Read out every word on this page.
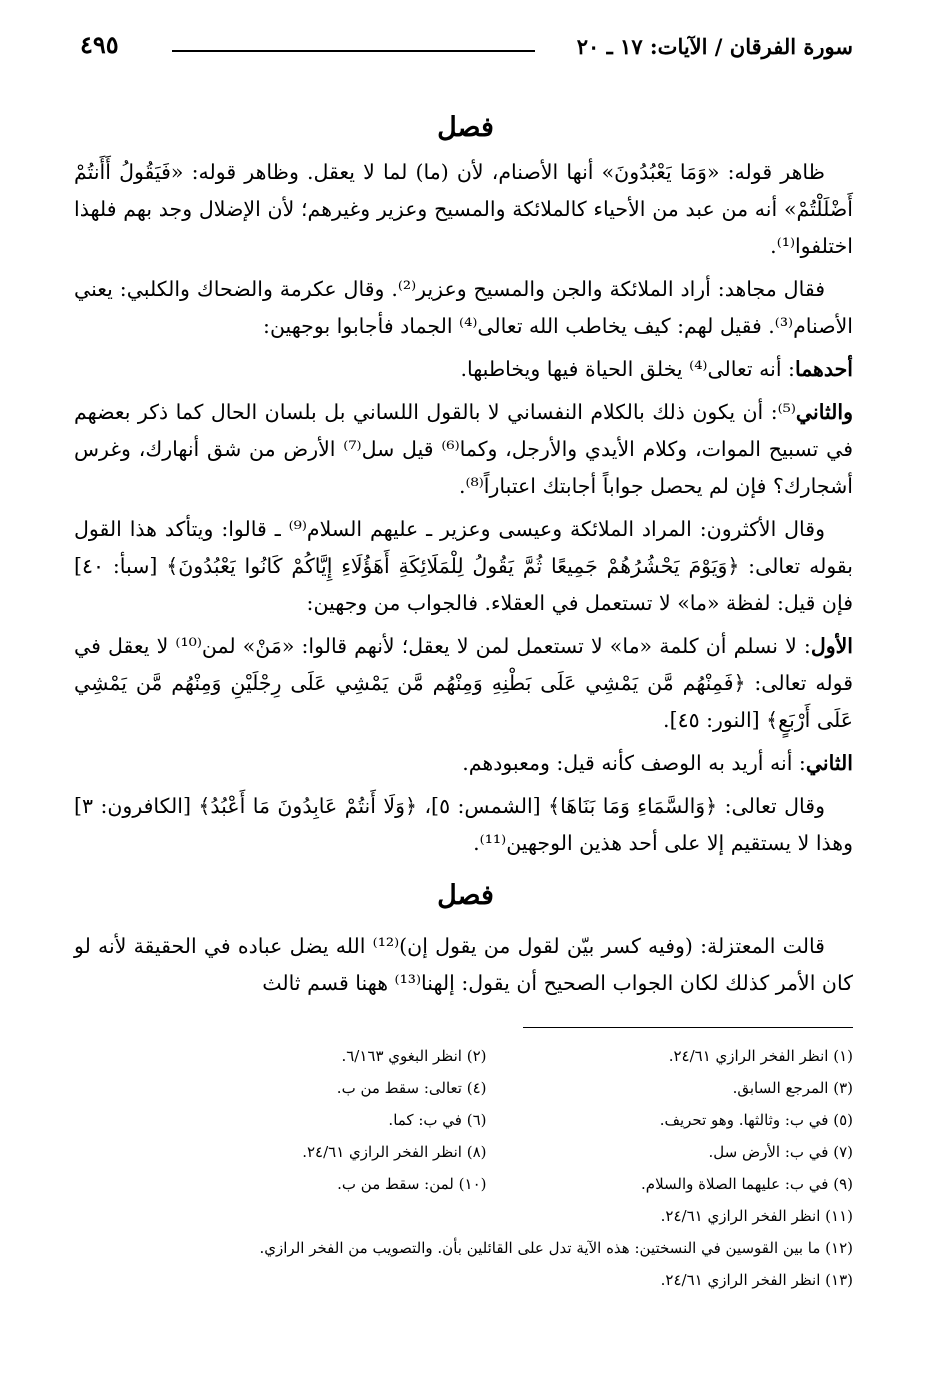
سورة الفرقان / الآيات: ١٧ ـ ٢٠
٤٩٥
فصل

ظاهر قوله: «وَمَا يَعْبُدُونَ» أنها الأصنام، لأن (ما) لما لا يعقل. وظاهر قوله: «فَيَقُولُ أَأَنتُمْ أَضْلَلْتُمْ» أنه من عبد من الأحياء كالملائكة والمسيح وعزير وغيرهم؛ لأن الإضلال وجد بهم فلهذا اختلفوا⁽¹⁾.

فقال مجاهد: أراد الملائكة والجن والمسيح وعزير⁽²⁾. وقال عكرمة والضحاك والكلبي: يعني الأصنام⁽³⁾. فقيل لهم: كيف يخاطب الله تعالى⁽⁴⁾ الجماد فأجابوا بوجهين:

أحدهما: أنه تعالى⁽⁴⁾ يخلق الحياة فيها ويخاطبها.

والثاني⁽⁵⁾: أن يكون ذلك بالكلام النفساني لا بالقول اللساني بل بلسان الحال كما ذكر بعضهم في تسبيح الموات، وكلام الأيدي والأرجل، وكما⁽⁶⁾ قيل سل⁽⁷⁾ الأرض من شق أنهارك، وغرس أشجارك؟ فإن لم يحصل جواباً أجابتك اعتباراً⁽⁸⁾.

وقال الأكثرون: المراد الملائكة وعيسى وعزير ـ عليهم السلام⁽⁹⁾ ـ قالوا: ويتأكد هذا القول بقوله تعالى: ﴿وَيَوْمَ يَحْشُرُهُمْ جَمِيعًا ثُمَّ يَقُولُ لِلْمَلَائِكَةِ أَهَؤُلَاءِ إِيَّاكُمْ كَانُوا يَعْبُدُونَ﴾ [سبأ: ٤٠] فإن قيل: لفظة «ما» لا تستعمل في العقلاء. فالجواب من وجهين:

الأول: لا نسلم أن كلمة «ما» لا تستعمل لمن لا يعقل؛ لأنهم قالوا: «مَنْ» لمن⁽¹⁰⁾ لا يعقل في قوله تعالى: ﴿فَمِنْهُم مَّن يَمْشِي عَلَى بَطْنِهِ وَمِنْهُم مَّن يَمْشِي عَلَى رِجْلَيْنِ وَمِنْهُم مَّن يَمْشِي عَلَى أَرْبَعٍ﴾ [النور: ٤٥].

الثاني: أنه أريد به الوصف كأنه قيل: ومعبودهم.

وقال تعالى: ﴿وَالسَّمَاءِ وَمَا بَنَاهَا﴾ [الشمس: ٥]، ﴿وَلَا أَنتُمْ عَابِدُونَ مَا أَعْبُدُ﴾ [الكافرون: ٣] وهذا لا يستقيم إلا على أحد هذين الوجهين⁽¹¹⁾.

فصل

قالت المعتزلة: (وفيه كسر بيّن لقول من يقول إن)⁽¹²⁾ الله يضل عباده في الحقيقة لأنه لو كان الأمر كذلك لكان الجواب الصحيح أن يقول: إلهنا⁽¹³⁾ ههنا قسم ثالث

(١) انظر الفخر الرازي ٢٤/٦١.
(٢) انظر البغوي ٦/١٦٣.
(٣) المرجع السابق.
(٤) تعالى: سقط من ب.
(٥) في ب: وثالثها. وهو تحريف.
(٦) في ب: كما.
(٧) في ب: الأرض سل.
(٨) انظر الفخر الرازي ٢٤/٦١.
(٩) في ب: عليهما الصلاة والسلام.
(١٠) لمن: سقط من ب.
(١١) انظر الفخر الرازي ٢٤/٦١.
(١٢) ما بين القوسين في النسختين: هذه الآية تدل على القائلين بأن. والتصويب من الفخر الرازي.
(١٣) انظر الفخر الرازي ٢٤/٦١.
